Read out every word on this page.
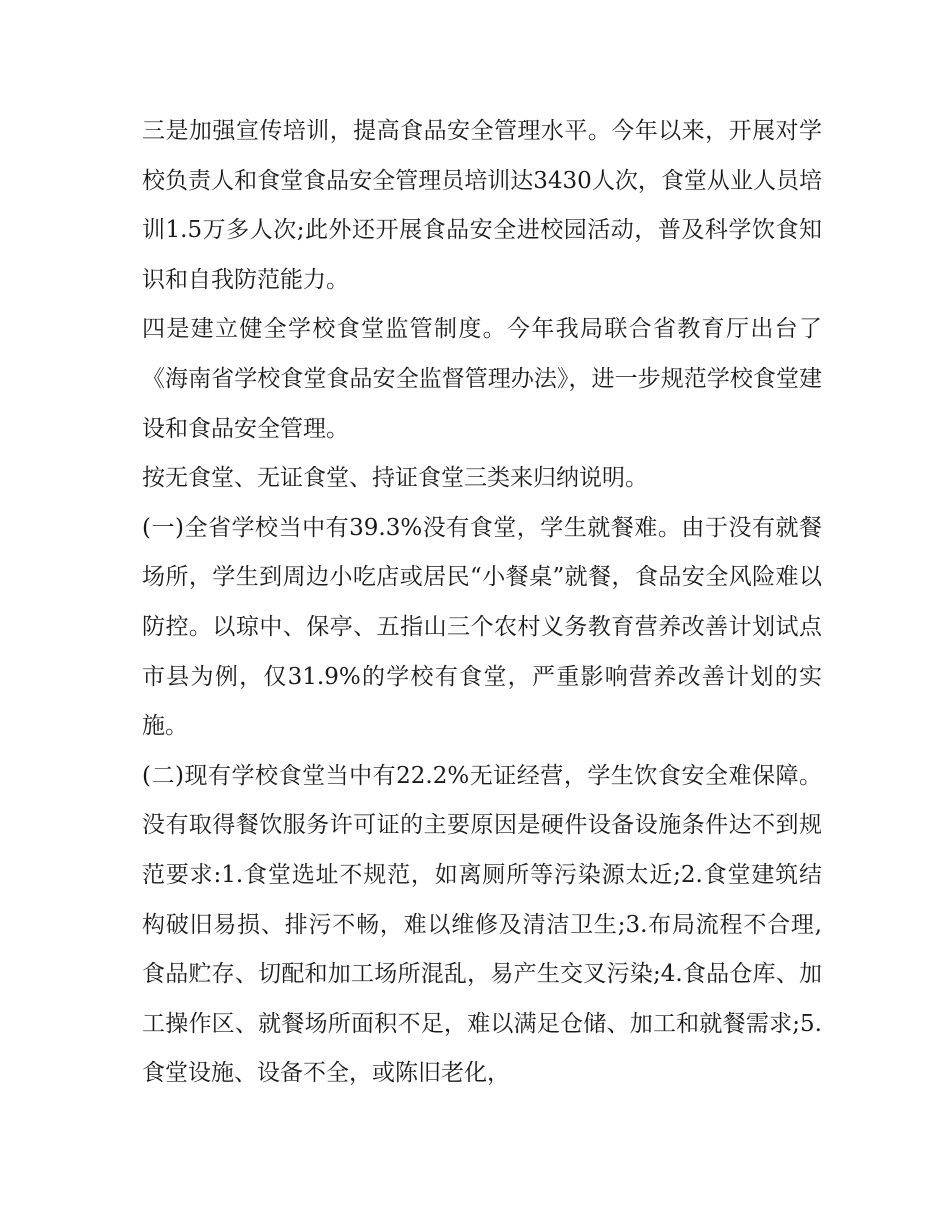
三是加强宣传培训，提高食品安全管理水平。今年以来，开展对学校负责人和食堂食品安全管理员培训达3430人次，食堂从业人员培训1.5万多人次;此外还开展食品安全进校园活动，普及科学饮食知识和自我防范能力。

四是建立健全学校食堂监管制度。今年我局联合省教育厅出台了《海南省学校食堂食品安全监督管理办法》，进一步规范学校食堂建设和食品安全管理。

按无食堂、无证食堂、持证食堂三类来归纳说明。

(一)全省学校当中有39.3%没有食堂，学生就餐难。由于没有就餐场所，学生到周边小吃店或居民“小餐桌”就餐，食品安全风险难以防控。以琼中、保亭、五指山三个农村义务教育营养改善计划试点市县为例，仅31.9%的学校有食堂，严重影响营养改善计划的实施。

(二)现有学校食堂当中有22.2%无证经营，学生饮食安全难保障。没有取得餐饮服务许可证的主要原因是硬件设备设施条件达不到规范要求:1.食堂选址不规范，如离厕所等污染源太近;2.食堂建筑结构破旧易损、排污不畅，难以维修及清洁卫生;3.布局流程不合理,食品贮存、切配和加工场所混乱，易产生交叉污染;4.食品仓库、加工操作区、就餐场所面积不足，难以满足仓储、加工和就餐需求;5.食堂设施、设备不全，或陈旧老化，
